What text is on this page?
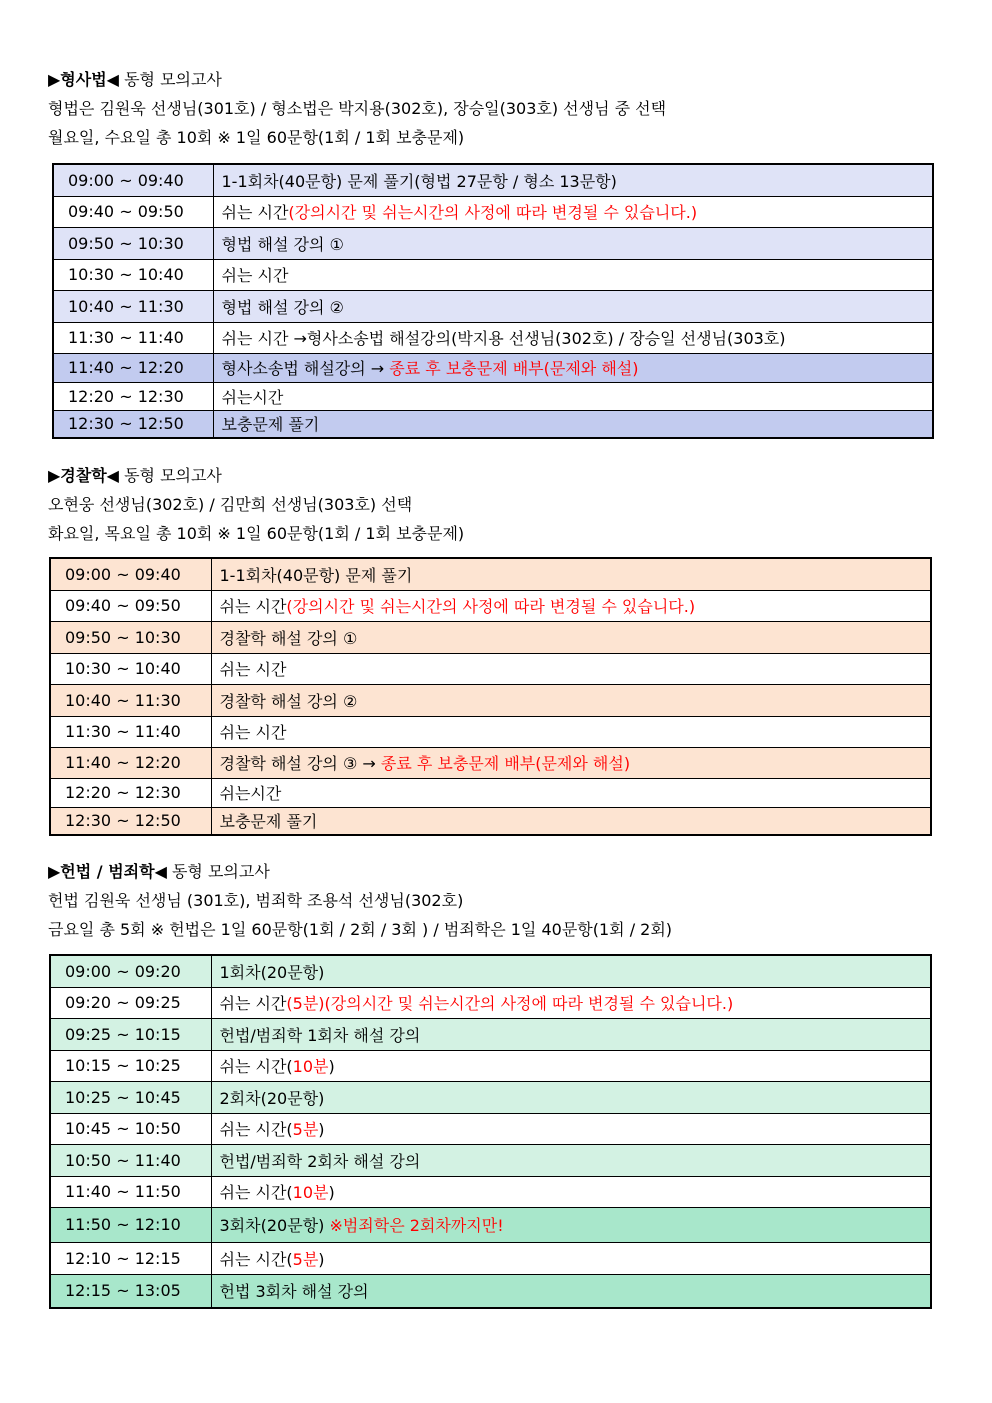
▶형사법◀ 동형 모의고사
형법은 김원욱 선생님(301호) / 형소법은 박지용(302호), 장승일(303호) 선생님 중 선택
월요일, 수요일 총 10회 ※ 1일 60문항(1회 / 1회 보충문제)
09:00 ~ 09:40	1-1회차(40문항) 문제 풀기(형법 27문항 / 형소 13문항)
09:40 ~ 09:50	쉬는 시간(강의시간 및 쉬는시간의 사정에 따라 변경될 수 있습니다.)
09:50 ~ 10:30	형법 해설 강의 ①
10:30 ~ 10:40	쉬는 시간
10:40 ~ 11:30	형법 해설 강의 ②
11:30 ~ 11:40	쉬는 시간 →형사소송법 해설강의(박지용 선생님(302호) / 장승일 선생님(303호)
11:40 ~ 12:20	형사소송법 해설강의 → 종료 후 보충문제 배부(문제와 해설)
12:20 ~ 12:30	쉬는시간
12:30 ~ 12:50	보충문제 풀기
▶경찰학◀ 동형 모의고사
오현웅 선생님(302호) / 김만희 선생님(303호) 선택
화요일, 목요일 총 10회 ※ 1일 60문항(1회 / 1회 보충문제)
09:00 ~ 09:40	1-1회차(40문항) 문제 풀기
09:40 ~ 09:50	쉬는 시간(강의시간 및 쉬는시간의 사정에 따라 변경될 수 있습니다.)
09:50 ~ 10:30	경찰학 해설 강의 ①
10:30 ~ 10:40	쉬는 시간
10:40 ~ 11:30	경찰학 해설 강의 ②
11:30 ~ 11:40	쉬는 시간
11:40 ~ 12:20	경찰학 해설 강의 ③ → 종료 후 보충문제 배부(문제와 해설)
12:20 ~ 12:30	쉬는시간
12:30 ~ 12:50	보충문제 풀기
▶헌법 / 범죄학◀ 동형 모의고사
헌법 김원욱 선생님 (301호), 범죄학 조용석 선생님(302호)
금요일 총 5회 ※ 헌법은 1일 60문항(1회 / 2회 / 3회 ) / 범죄학은 1일 40문항(1회 / 2회)
09:00 ~ 09:20	1회차(20문항)
09:20 ~ 09:25	쉬는 시간(5분)(강의시간 및 쉬는시간의 사정에 따라 변경될 수 있습니다.)
09:25 ~ 10:15	헌법/범죄학 1회차 해설 강의
10:15 ~ 10:25	쉬는 시간(10분)
10:25 ~ 10:45	2회차(20문항)
10:45 ~ 10:50	쉬는 시간(5분)
10:50 ~ 11:40	헌법/범죄학 2회차 해설 강의
11:40 ~ 11:50	쉬는 시간(10분)
11:50 ~ 12:10	3회차(20문항) ※범죄학은 2회차까지만!
12:10 ~ 12:15	쉬는 시간(5분)
12:15 ~ 13:05	헌법 3회차 해설 강의
